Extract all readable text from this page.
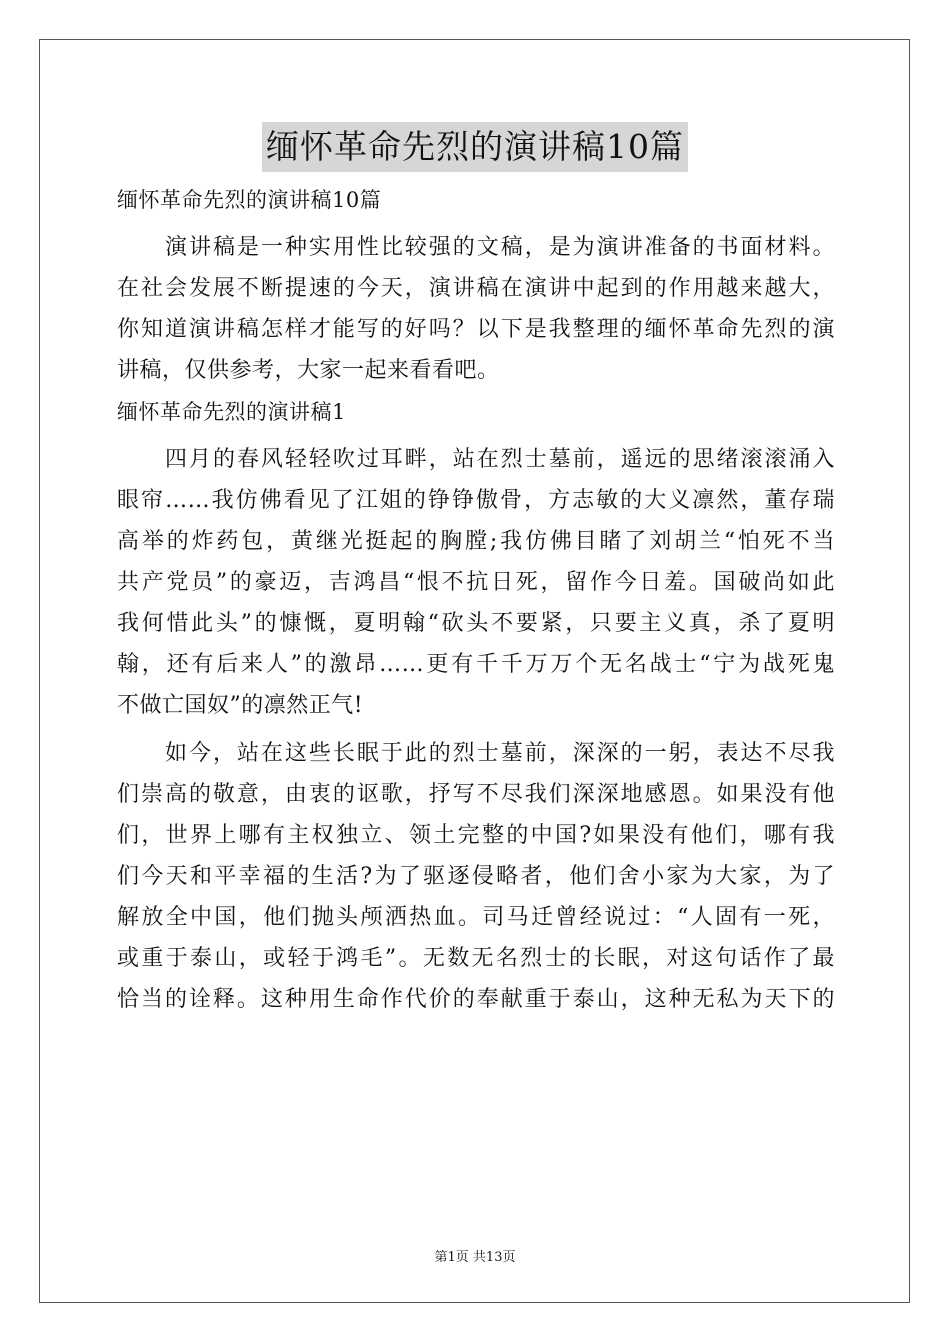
缅怀革命先烈的演讲稿10篇

缅怀革命先烈的演讲稿10篇

演讲稿是一种实用性比较强的文稿，是为演讲准备的书面材料。

在社会发展不断提速的今天，演讲稿在演讲中起到的作用越来越大，

你知道演讲稿怎样才能写的好吗？以下是我整理的缅怀革命先烈的演

讲稿，仅供参考，大家一起来看看吧。

缅怀革命先烈的演讲稿1

四月的春风轻轻吹过耳畔，站在烈士墓前，遥远的思绪滚滚涌入

眼帘……我仿佛看见了江姐的铮铮傲骨，方志敏的大义凛然，董存瑞

高举的炸药包，黄继光挺起的胸膛;我仿佛目睹了刘胡兰“怕死不当

共产党员”的豪迈，吉鸿昌“恨不抗日死，留作今日羞。国破尚如此

我何惜此头”的慷慨，夏明翰“砍头不要紧，只要主义真，杀了夏明

翰，还有后来人”的激昂……更有千千万万个无名战士“宁为战死鬼

不做亡国奴”的凛然正气!

如今，站在这些长眠于此的烈士墓前，深深的一躬，表达不尽我

们崇高的敬意，由衷的讴歌，抒写不尽我们深深地感恩。如果没有他

们，世界上哪有主权独立、领土完整的中国?如果没有他们，哪有我

们今天和平幸福的生活?为了驱逐侵略者，他们舍小家为大家，为了

解放全中国，他们抛头颅洒热血。司马迁曾经说过：“人固有一死，

或重于泰山，或轻于鸿毛”。无数无名烈士的长眠，对这句话作了最

恰当的诠释。这种用生命作代价的奉献重于泰山，这种无私为天下的

第1页 共13页
